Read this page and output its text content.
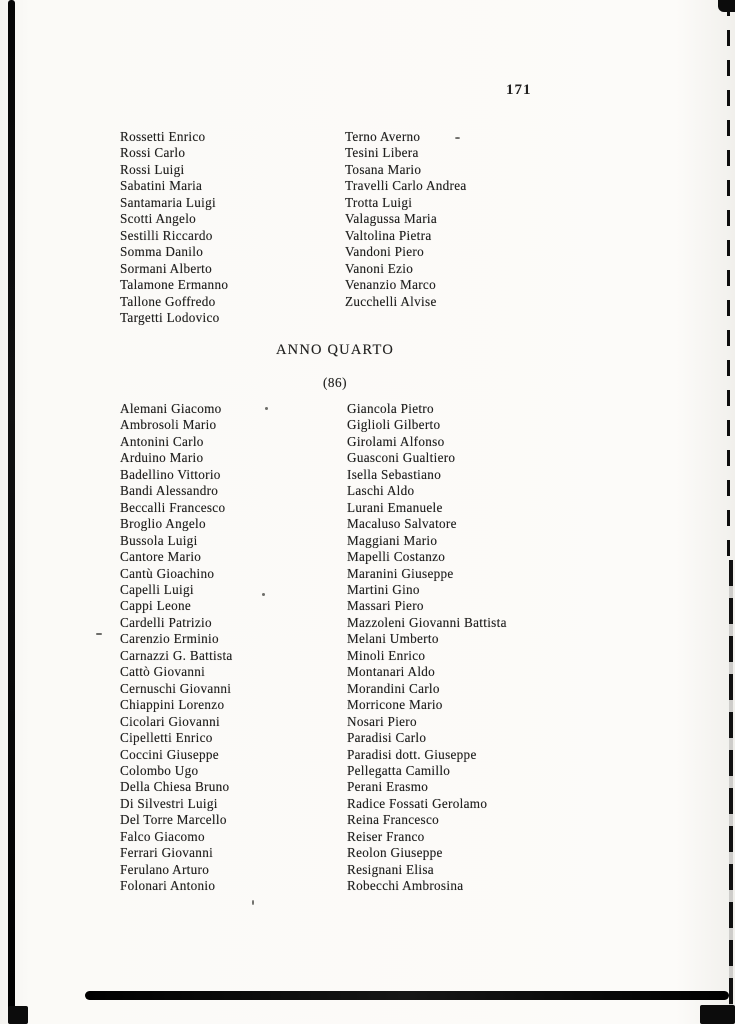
171
Rossetti Enrico
Rossi Carlo
Rossi Luigi
Sabatini Maria
Santamaria Luigi
Scotti Angelo
Sestilli Riccardo
Somma Danilo
Sormani Alberto
Talamone Ermanno
Tallone Goffredo
Targetti Lodovico
Terno Averno
Tesini Libera
Tosana Mario
Travelli Carlo Andrea
Trotta Luigi
Valagussa Maria
Valtolina Pietra
Vandoni Piero
Vanoni Ezio
Venanzio Marco
Zucchelli Alvise
ANNO QUARTO
(86)
Alemani Giacomo
Ambrosoli Mario
Antonini Carlo
Arduino Mario
Badellino Vittorio
Bandi Alessandro
Beccalli Francesco
Broglio Angelo
Bussola Luigi
Cantore Mario
Cantù Gioachino
Capelli Luigi
Cappi Leone
Cardelli Patrizio
Carenzio Erminio
Carnazzi G. Battista
Cattò Giovanni
Cernuschi Giovanni
Chiappini Lorenzo
Cicolari Giovanni
Cipelletti Enrico
Coccini Giuseppe
Colombo Ugo
Della Chiesa Bruno
Di Silvestri Luigi
Del Torre Marcello
Falco Giacomo
Ferrari Giovanni
Ferulano Arturo
Folonari Antonio
Giancola Pietro
Giglioli Gilberto
Girolami Alfonso
Guasconi Gualtiero
Isella Sebastiano
Laschi Aldo
Lurani Emanuele
Macaluso Salvatore
Maggiani Mario
Mapelli Costanzo
Maranini Giuseppe
Martini Gino
Massari Piero
Mazzoleni Giovanni Battista
Melani Umberto
Minoli Enrico
Montanari Aldo
Morandini Carlo
Morricone Mario
Nosari Piero
Paradisi Carlo
Paradisi dott. Giuseppe
Pellegatta Camillo
Perani Erasmo
Radice Fossati Gerolamo
Reina Francesco
Reiser Franco
Reolon Giuseppe
Resignani Elisa
Robecchi Ambrosina
